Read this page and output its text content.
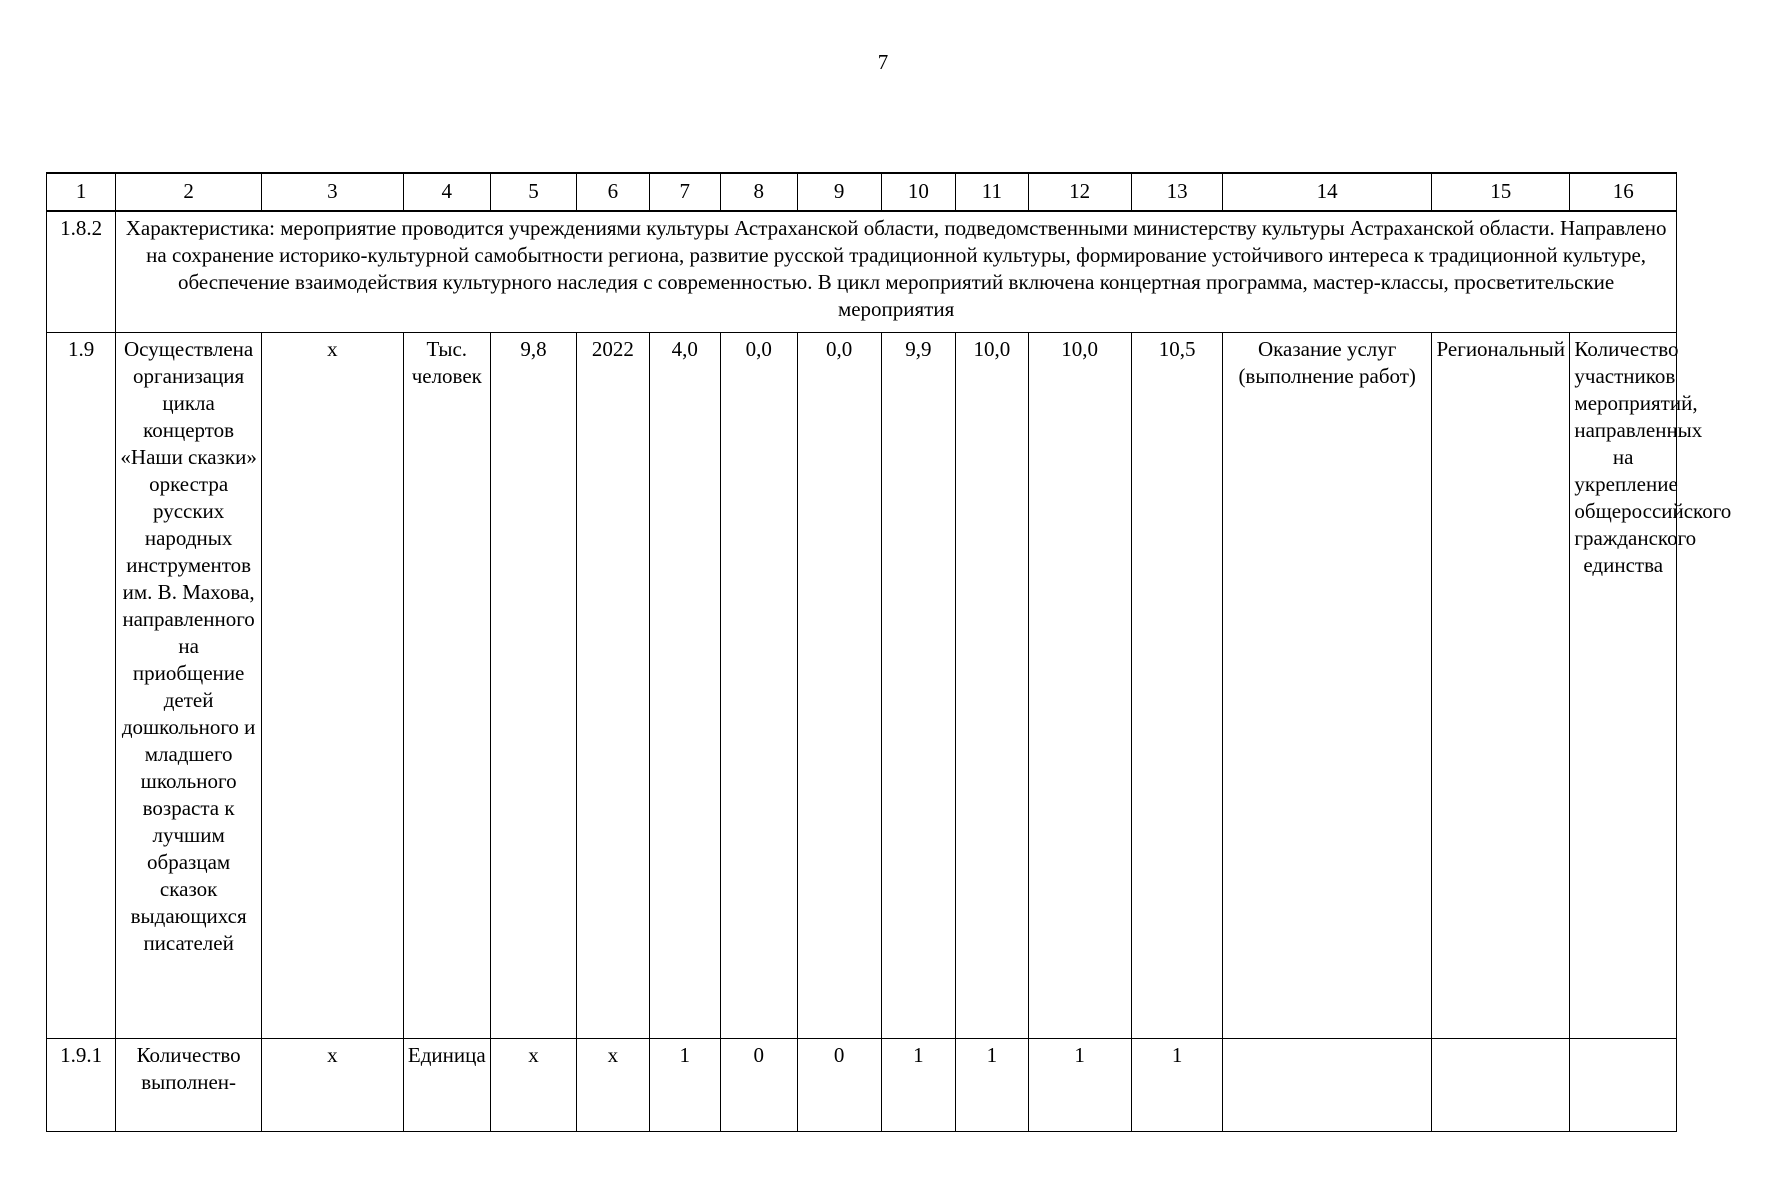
7
1	2	3	4	5	6	7	8	9	10	11	12	13	14	15	16
1.8.2	Характеристика: мероприятие проводится учреждениями культуры Астраханской области, подведомственными министерству культуры Астраханской области. Направлено на сохранение историко-культурной самобытности региона, развитие русской традиционной культуры, формирование устойчивого интереса к традиционной культуре, обеспечение взаимодействия культурного наследия с современностью. В цикл мероприятий включена концертная программа, мастер-классы, просветительские мероприятия														
1.9	Осуществлена организация цикла концертов «Наши сказки» оркестра русских народных инструментов им. В. Махова, направленного на приобщение детей дошкольного и младшего школьного возраста к лучшим образцам сказок выдающихся писателей	х	Тыс. человек	9,8	2022	4,0	0,0	0,0	9,9	10,0	10,0	10,5	Оказание услуг (выполнение работ)	Региональный	Количество участников мероприятий, направленных на укрепление общероссийского гражданского единства
1.9.1	Количество выполнен-	х	Единица	х	х	1	0	0	1	1	1	1			
